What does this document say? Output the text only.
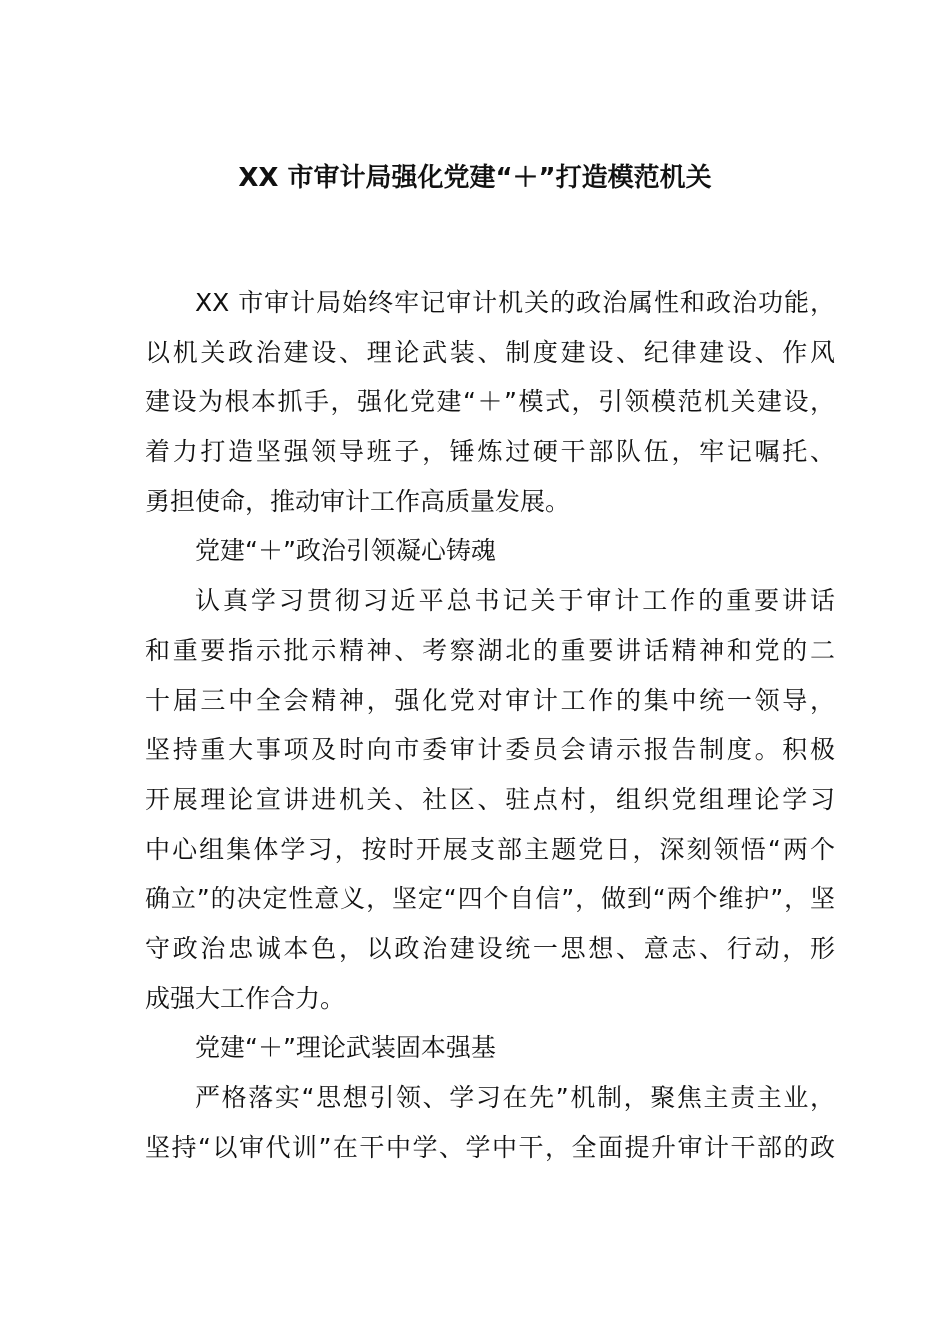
XX 市审计局强化党建“＋”打造模范机关
XX 市审计局始终牢记审计机关的政治属性和政治功能，
以机关政治建设、理论武装、制度建设、纪律建设、作风
建设为根本抓手，强化党建“＋”模式，引领模范机关建设，
着力打造坚强领导班子，锤炼过硬干部队伍，牢记嘱托、
勇担使命，推动审计工作高质量发展。
党建“＋”政治引领凝心铸魂
认真学习贯彻习近平总书记关于审计工作的重要讲话
和重要指示批示精神、考察湖北的重要讲话精神和党的二
十届三中全会精神，强化党对审计工作的集中统一领导，
坚持重大事项及时向市委审计委员会请示报告制度。积极
开展理论宣讲进机关、社区、驻点村，组织党组理论学习
中心组集体学习，按时开展支部主题党日，深刻领悟“两个
确立”的决定性意义，坚定“四个自信”，做到“两个维护”，坚
守政治忠诚本色，以政治建设统一思想、意志、行动，形
成强大工作合力。
党建“＋”理论武装固本强基
严格落实“思想引领、学习在先”机制，聚焦主责主业，
坚持“以审代训”在干中学、学中干，全面提升审计干部的政
